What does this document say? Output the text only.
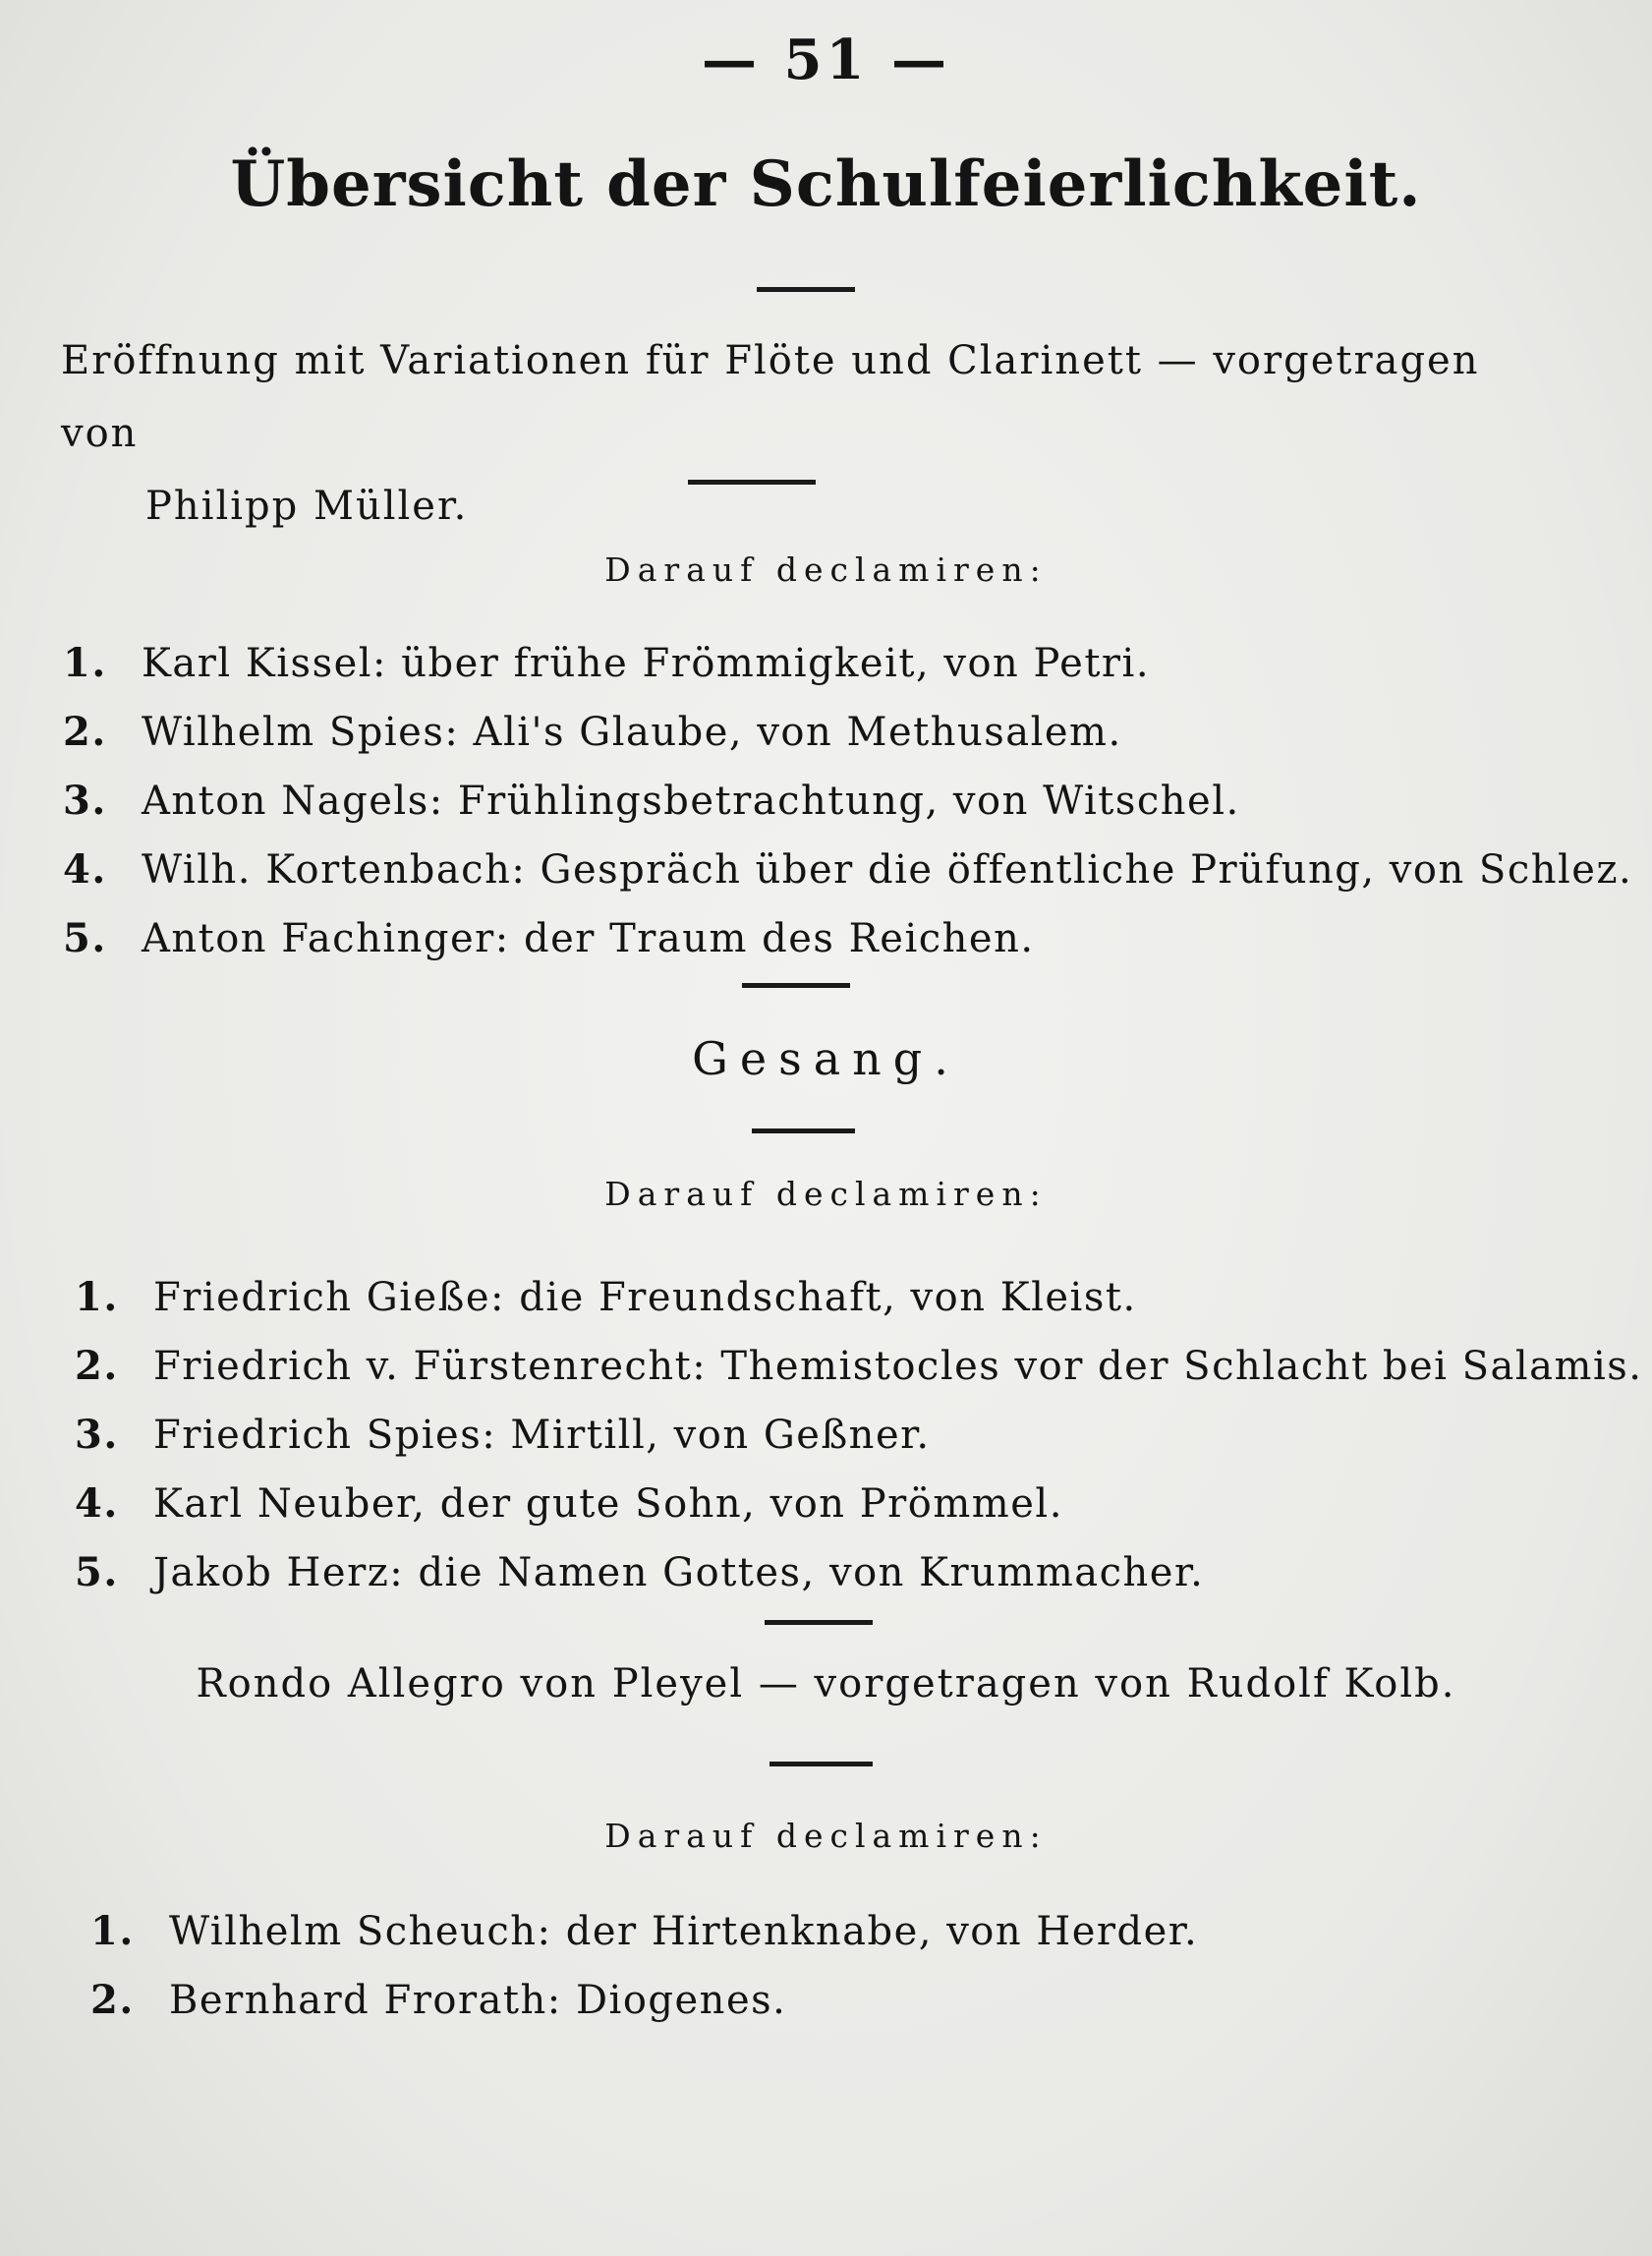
— 51 —
Übersicht der Schulfeierlichkeit.
Eröffnung mit Variationen für Flöte und Clarinett — vorgetragen von
Philipp Müller.
Darauf declamiren:
1. Karl Kissel: über frühe Frömmigkeit, von Petri.
2. Wilhelm Spies: Ali's Glaube, von Methusalem.
3. Anton Nagels: Frühlingsbetrachtung, von Witschel.
4. Wilh. Kortenbach: Gespräch über die öffentliche Prüfung, von Schlez.
5. Anton Fachinger: der Traum des Reichen.
Gesang.
Darauf declamiren:
1. Friedrich Gieße: die Freundschaft, von Kleist.
2. Friedrich v. Fürstenrecht: Themistocles vor der Schlacht bei Salamis.
3. Friedrich Spies: Mirtill, von Geßner.
4. Karl Neuber, der gute Sohn, von Prömmel.
5. Jakob Herz: die Namen Gottes, von Krummacher.
Rondo Allegro von Pleyel — vorgetragen von Rudolf Kolb.
Darauf declamiren:
1. Wilhelm Scheuch: der Hirtenknabe, von Herder.
2. Bernhard Frorath: Diogenes.
